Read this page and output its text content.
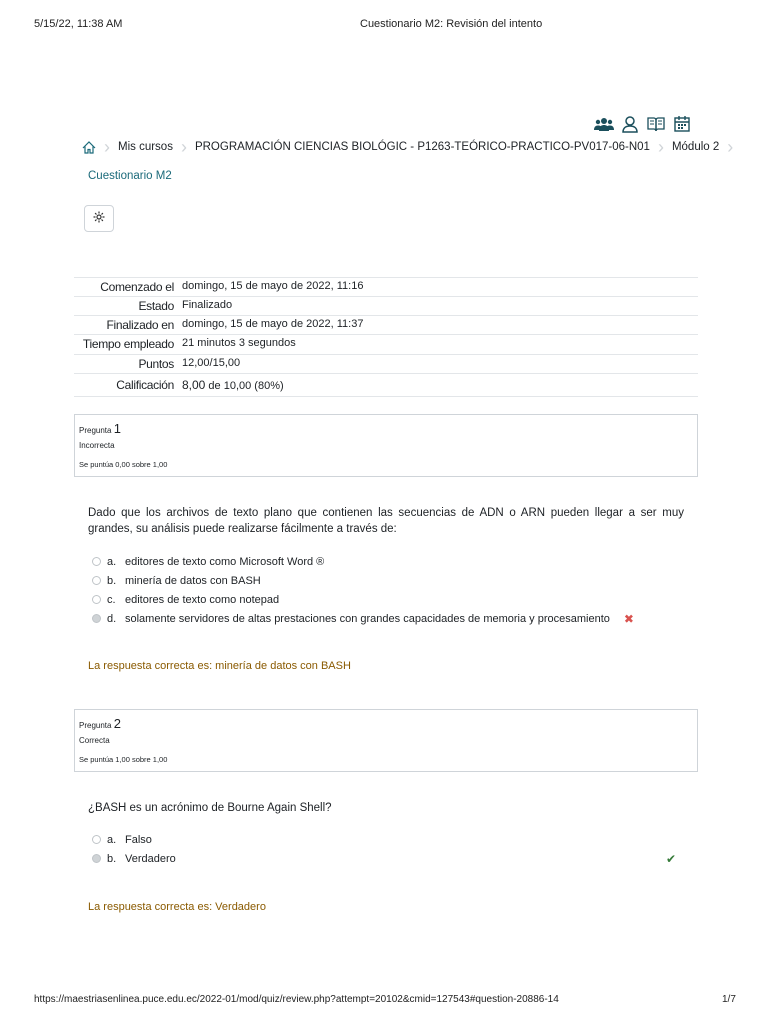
5/15/22, 11:38 AM	Cuestionario M2: Revisión del intento
› Mis cursos › PROGRAMACIÓN CIENCIAS BIOLÓGIC - P1263-TEÓRICO-PRACTICO-PV017-06-N01 › Módulo 2 ›
Cuestionario M2
Comenzado el	domingo, 15 de mayo de 2022, 11:16
Estado	Finalizado
Finalizado en	domingo, 15 de mayo de 2022, 11:37
Tiempo empleado	21 minutos 3 segundos
Puntos	12,00/15,00
Calificación	8,00 de 10,00 (80%)
Pregunta 1
Incorrecta
Se puntúa 0,00 sobre 1,00
Dado que los archivos de texto plano que contienen las secuencias de ADN o ARN pueden llegar a ser muy grandes, su análisis puede realizarse fácilmente a través de:
a. editores de texto como Microsoft Word ®
b. minería de datos con BASH
c. editores de texto como notepad
d. solamente servidores de altas prestaciones con grandes capacidades de memoria y procesamiento ✖
La respuesta correcta es: minería de datos con BASH
Pregunta 2
Correcta
Se puntúa 1,00 sobre 1,00
¿BASH es un acrónimo de Bourne Again Shell?
a. Falso
b. Verdadero	✔
La respuesta correcta es: Verdadero
https://maestriasenlinea.puce.edu.ec/2022-01/mod/quiz/review.php?attempt=20102&cmid=127543#question-20886-14	1/7
